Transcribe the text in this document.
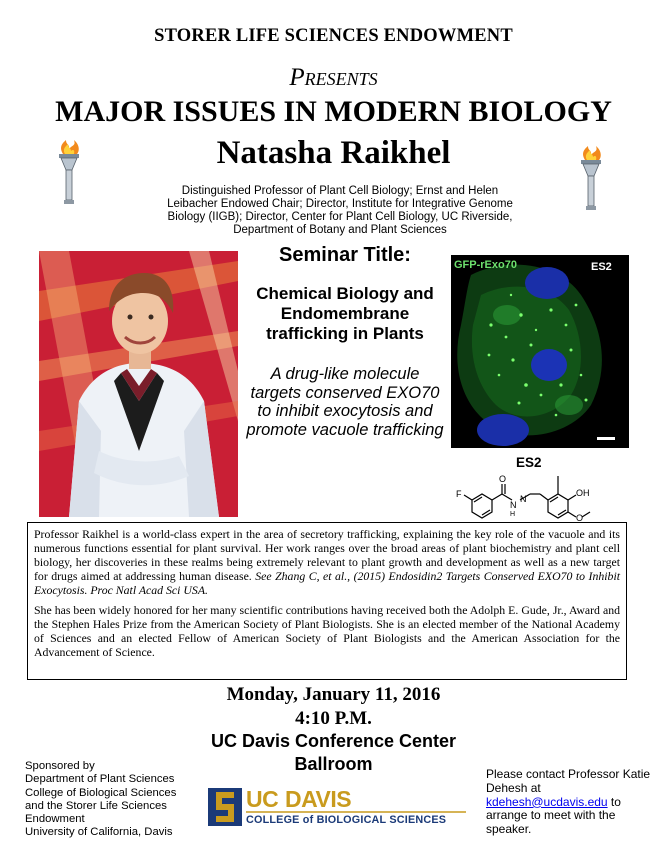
STORER LIFE SCIENCES ENDOWMENT
Presents
MAJOR ISSUES IN MODERN BIOLOGY
Natasha Raikhel
Distinguished Professor of Plant Cell Biology; Ernst and Helen Leibacher Endowed Chair; Director, Institute for Integrative Genome Biology (IIGB); Director, Center for Plant Cell Biology, UC Riverside, Department of Botany and Plant Sciences
Seminar Title:
Chemical Biology and Endomembrane trafficking in Plants
A drug-like molecule targets conserved EXO70 to inhibit exocytosis and promote vacuole trafficking
GFP-rExo70	ES2
F
O
N
H
N
OH
O
ES2

Professor Raikhel is a world-class expert in the area of secretory trafficking, explaining the key role of the vacuole and its numerous functions essential for plant survival. Her work ranges over the broad areas of plant biochemistry and plant cell biology, her discoveries in these realms being extremely relevant to plant growth and development as well as a new target for drugs aimed at addressing human disease. See Zhang C, et al., (2015) Endosidin2 Targets Conserved EXO70 to Inhibit Exocytosis. Proc Natl Acad Sci USA.

She has been widely honored for her many scientific contributions having received both the Adolph E. Gude, Jr., Award and the Stephen Hales Prize from the American Society of Plant Biologists. She is an elected member of the National Academy of Sciences and an elected Fellow of American Society of Plant Biologists and the American Association for the Advancement of Science.

Monday, January 11, 2016
4:10 P.M.
UC Davis Conference Center
Ballroom
Sponsored by
Department of Plant Sciences
College of Biological Sciences
and the Storer Life Sciences
Endowment
University of California, Davis
UC DAVIS
COLLEGE of BIOLOGICAL SCIENCES
Please contact Professor Katie Dehesh at kdehesh@ucdavis.edu to arrange to meet with the speaker.
